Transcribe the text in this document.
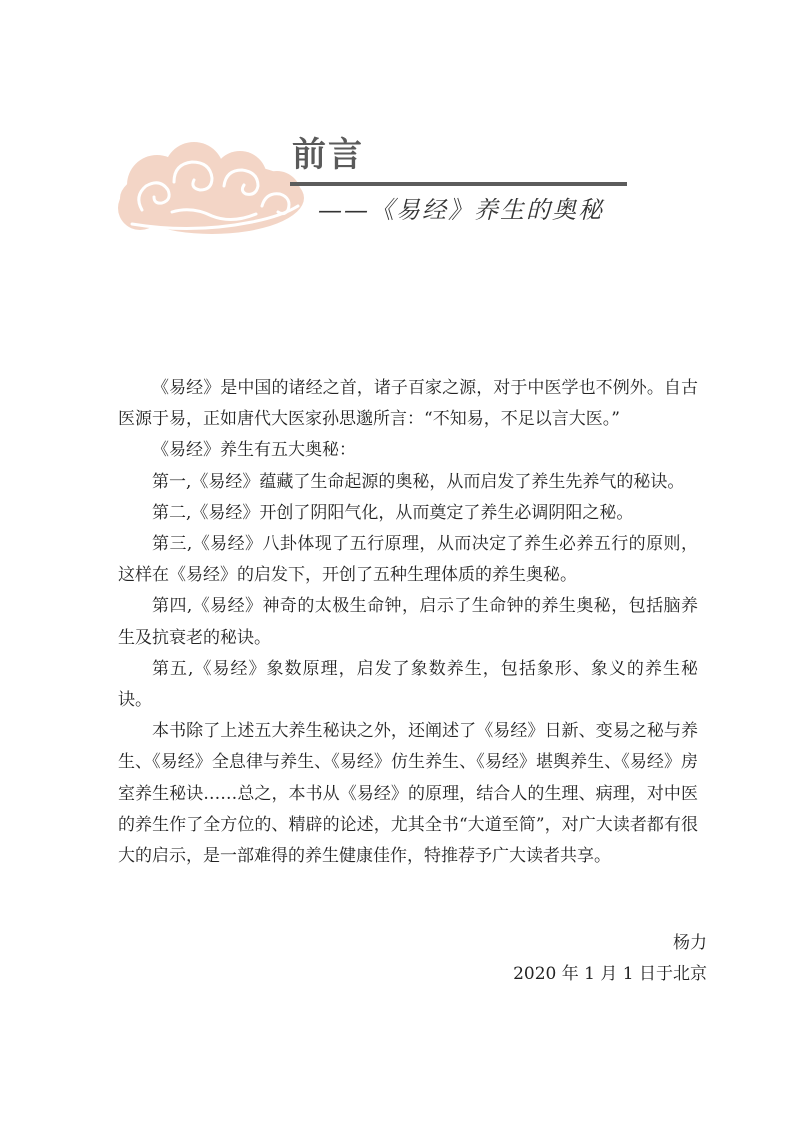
前言
——《易经》养生的奥秘

《易经》是中国的诸经之首，诸子百家之源，对于中医学也不例外。自古医源于易，正如唐代大医家孙思邈所言：“不知易，不足以言大医。”

《易经》养生有五大奥秘：

第一,《易经》蕴藏了生命起源的奥秘，从而启发了养生先养气的秘诀。

第二,《易经》开创了阴阳气化，从而奠定了养生必调阴阳之秘。

第三,《易经》八卦体现了五行原理，从而决定了养生必养五行的原则，这样在《易经》的启发下，开创了五种生理体质的养生奥秘。

第四,《易经》神奇的太极生命钟，启示了生命钟的养生奥秘，包括脑养生及抗衰老的秘诀。

第五,《易经》象数原理，启发了象数养生，包括象形、象义的养生秘诀。

本书除了上述五大养生秘诀之外，还阐述了《易经》日新、变易之秘与养生、《易经》全息律与养生、《易经》仿生养生、《易经》堪舆养生、《易经》房室养生秘诀……总之，本书从《易经》的原理，结合人的生理、病理，对中医的养生作了全方位的、精辟的论述，尤其全书“大道至简”，对广大读者都有很大的启示，是一部难得的养生健康佳作，特推荐予广大读者共享。

杨力
2020 年 1 月 1 日于北京
